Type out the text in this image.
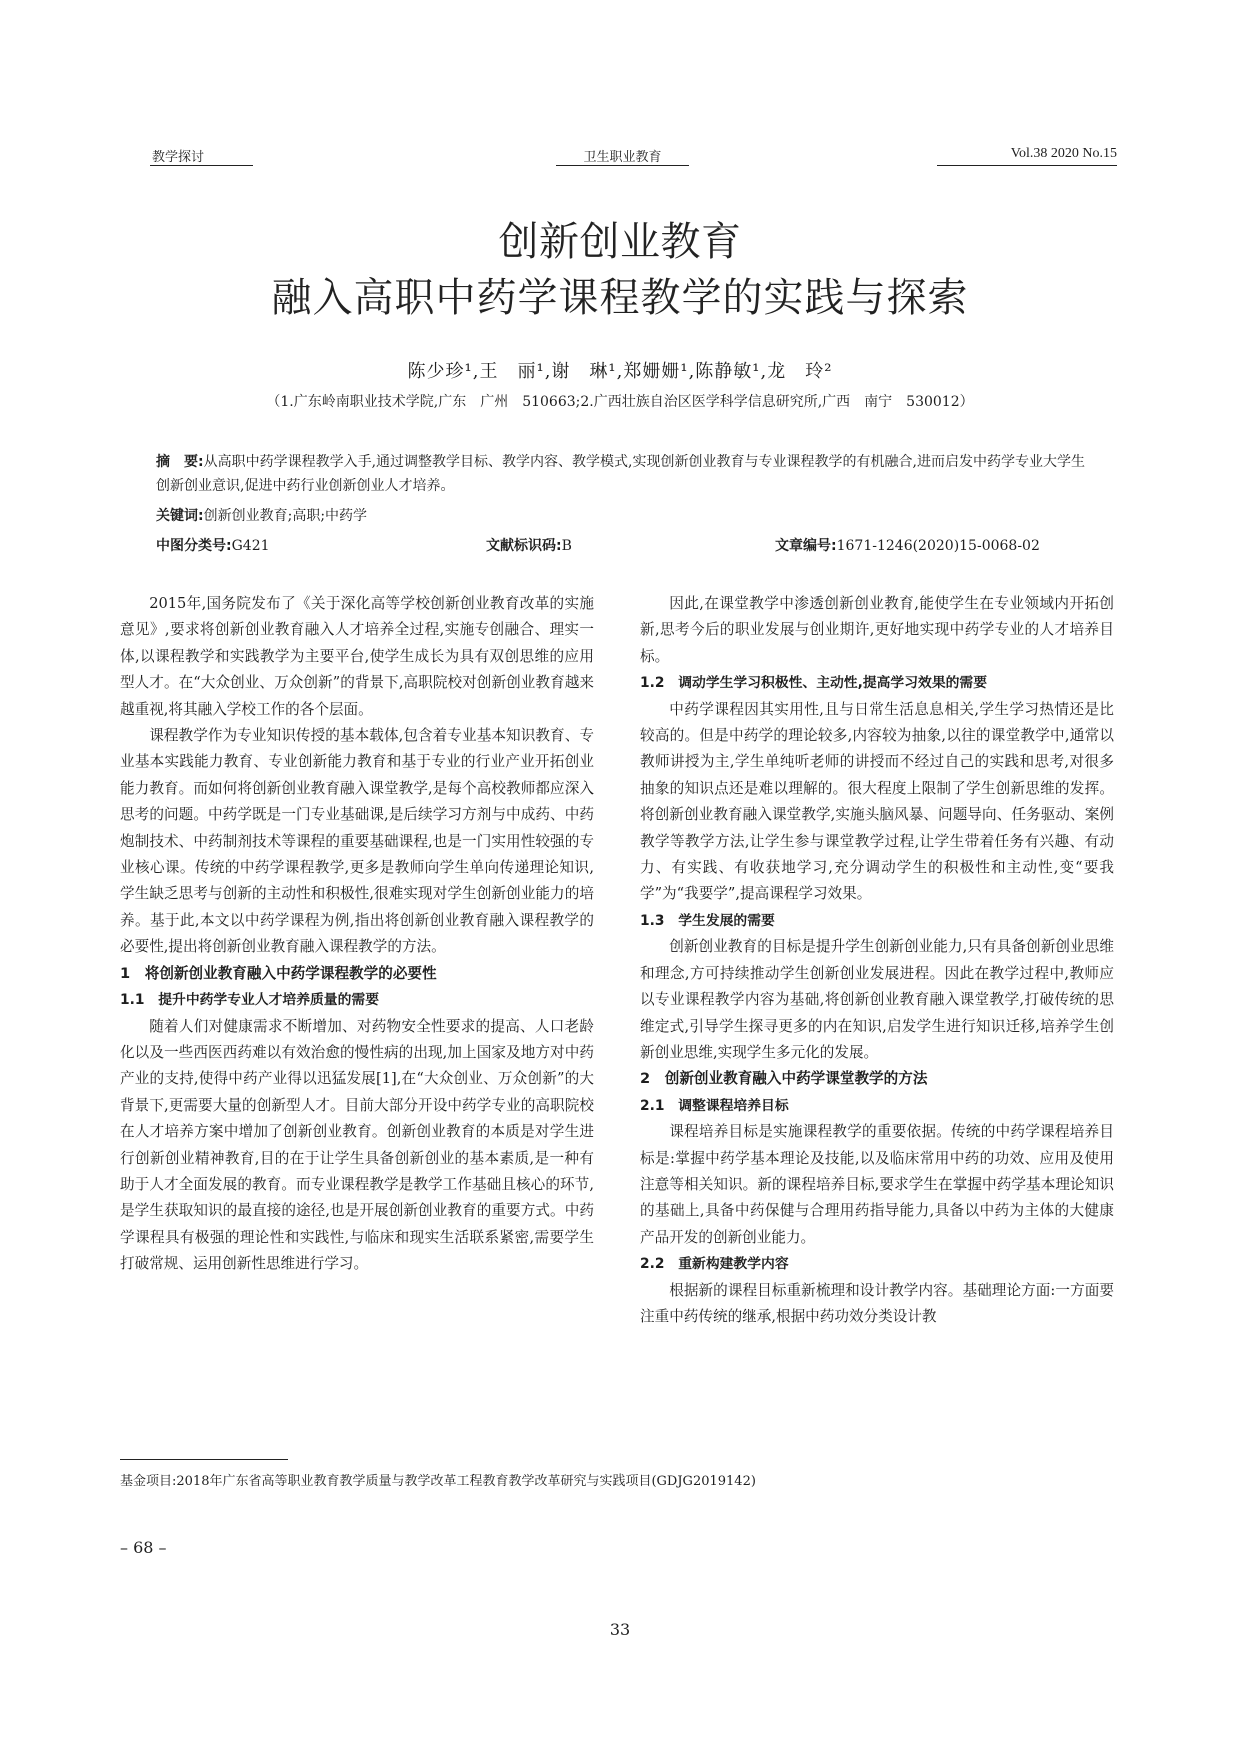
教学探讨	卫生职业教育	Vol.38 2020 No.15
创新创业教育
融入高职中药学课程教学的实践与探索
陈少珍¹,王　丽¹,谢　琳¹,郑姗姗¹,陈静敏¹,龙　玲²
（1.广东岭南职业技术学院,广东　广州　510663;2.广西壮族自治区医学科学信息研究所,广西　南宁　530012）
摘　要:从高职中药学课程教学入手,通过调整教学目标、教学内容、教学模式,实现创新创业教育与专业课程教学的有机融合,进而启发中药学专业大学生创新创业意识,促进中药行业创新创业人才培养。
关键词:创新创业教育;高职;中药学
中图分类号:G421	文献标识码:B	文章编号:1671-1246(2020)15-0068-02

2015年,国务院发布了《关于深化高等学校创新创业教育改革的实施意见》,要求将创新创业教育融入人才培养全过程,实施专创融合、理实一体,以课程教学和实践教学为主要平台,使学生成长为具有双创思维的应用型人才。在“大众创业、万众创新”的背景下,高职院校对创新创业教育越来越重视,将其融入学校工作的各个层面。

课程教学作为专业知识传授的基本载体,包含着专业基本知识教育、专业基本实践能力教育、专业创新能力教育和基于专业的行业产业开拓创业能力教育。而如何将创新创业教育融入课堂教学,是每个高校教师都应深入思考的问题。中药学既是一门专业基础课,是后续学习方剂与中成药、中药炮制技术、中药制剂技术等课程的重要基础课程,也是一门实用性较强的专业核心课。传统的中药学课程教学,更多是教师向学生单向传递理论知识,学生缺乏思考与创新的主动性和积极性,很难实现对学生创新创业能力的培养。基于此,本文以中药学课程为例,指出将创新创业教育融入课程教学的必要性,提出将创新创业教育融入课程教学的方法。

1　将创新创业教育融入中药学课程教学的必要性
1.1　提升中药学专业人才培养质量的需要

随着人们对健康需求不断增加、对药物安全性要求的提高、人口老龄化以及一些西医西药难以有效治愈的慢性病的出现,加上国家及地方对中药产业的支持,使得中药产业得以迅猛发展[1],在“大众创业、万众创新”的大背景下,更需要大量的创新型人才。目前大部分开设中药学专业的高职院校在人才培养方案中增加了创新创业教育。创新创业教育的本质是对学生进行创新创业精神教育,目的在于让学生具备创新创业的基本素质,是一种有助于人才全面发展的教育。而专业课程教学是教学工作基础且核心的环节,是学生获取知识的最直接的途径,也是开展创新创业教育的重要方式。中药学课程具有极强的理论性和实践性,与临床和现实生活联系紧密,需要学生打破常规、运用创新性思维进行学习。

因此,在课堂教学中渗透创新创业教育,能使学生在专业领域内开拓创新,思考今后的职业发展与创业期许,更好地实现中药学专业的人才培养目标。

1.2　调动学生学习积极性、主动性,提高学习效果的需要

中药学课程因其实用性,且与日常生活息息相关,学生学习热情还是比较高的。但是中药学的理论较多,内容较为抽象,以往的课堂教学中,通常以教师讲授为主,学生单纯听老师的讲授而不经过自己的实践和思考,对很多抽象的知识点还是难以理解的。很大程度上限制了学生创新思维的发挥。将创新创业教育融入课堂教学,实施头脑风暴、问题导向、任务驱动、案例教学等教学方法,让学生参与课堂教学过程,让学生带着任务有兴趣、有动力、有实践、有收获地学习,充分调动学生的积极性和主动性,变“要我学”为“我要学”,提高课程学习效果。

1.3　学生发展的需要

创新创业教育的目标是提升学生创新创业能力,只有具备创新创业思维和理念,方可持续推动学生创新创业发展进程。因此在教学过程中,教师应以专业课程教学内容为基础,将创新创业教育融入课堂教学,打破传统的思维定式,引导学生探寻更多的内在知识,启发学生进行知识迁移,培养学生创新创业思维,实现学生多元化的发展。

2　创新创业教育融入中药学课堂教学的方法
2.1　调整课程培养目标

课程培养目标是实施课程教学的重要依据。传统的中药学课程培养目标是:掌握中药学基本理论及技能,以及临床常用中药的功效、应用及使用注意等相关知识。新的课程培养目标,要求学生在掌握中药学基本理论知识的基础上,具备中药保健与合理用药指导能力,具备以中药为主体的大健康产品开发的创新创业能力。

2.2　重新构建教学内容

根据新的课程目标重新梳理和设计教学内容。基础理论方面:一方面要注重中药传统的继承,根据中药功效分类设计教

基金项目:2018年广东省高等职业教育教学质量与教学改革工程教育教学改革研究与实践项目(GDJG2019142)
– 68 –
33
